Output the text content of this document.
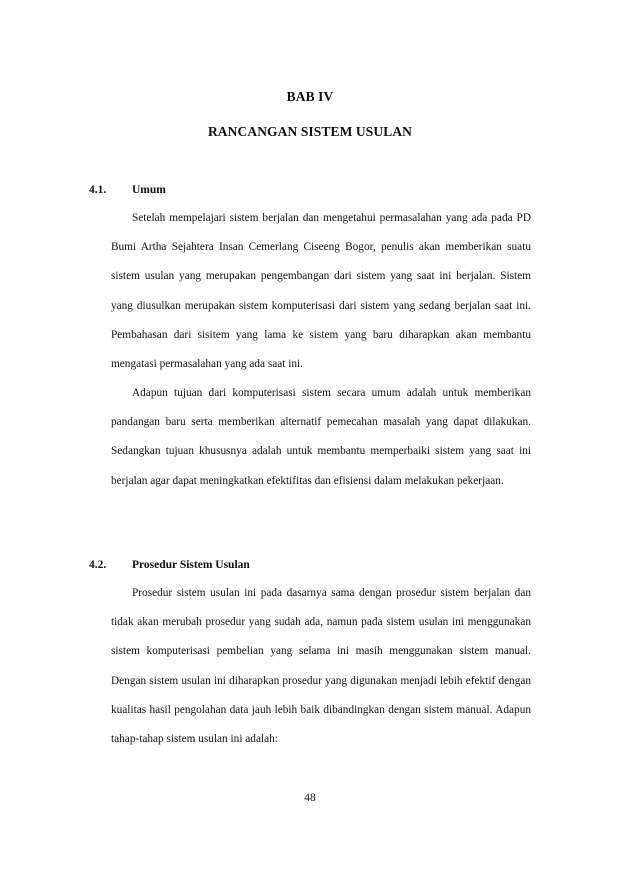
BAB IV
RANCANGAN SISTEM USULAN
4.1. Umum

Setelah mempelajari sistem berjalan dan mengetahui permasalahan yang ada pada PD Bumi Artha Sejahtera Insan Cemerlang Ciseeng Bogor, penulis akan memberikan suatu sistem usulan yang merupakan pengembangan dari sistem yang saat ini berjalan. Sistem yang diusulkan merupakan sistem komputerisasi dari sistem yang sedang berjalan saat ini. Pembahasan dari sisitem yang lama ke sistem yang baru diharapkan akan membantu mengatasi permasalahan yang ada saat ini.

Adapun tujuan dari komputerisasi sistem secara umum adalah untuk memberikan pandangan baru serta memberikan alternatif pemecahan masalah yang dapat dilakukan. Sedangkan tujuan khususnya adalah untuk membantu memperbaiki sistem yang saat ini berjalan agar dapat meningkatkan efektifitas dan efisiensi dalam melakukan pekerjaan.

4.2. Prosedur Sistem Usulan

Prosedur sistem usulan ini pada dasarnya sama dengan prosedur sistem berjalan dan tidak akan merubah prosedur yang sudah ada, namun pada sistem usulan ini menggunakan sistem komputerisasi pembelian yang selama ini masih menggunakan sistem manual. Dengan sistem usulan ini diharapkan prosedur yang digunakan menjadi lebih efektif dengan kualitas hasil pengolahan data jauh lebih baik dibandingkan dengan sistem manual. Adapun tahap-tahap sistem usulan ini adalah:

48
